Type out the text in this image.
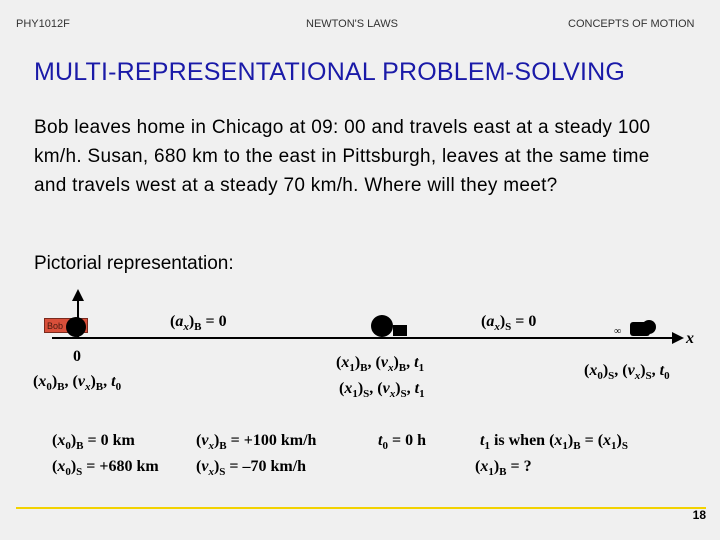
PHY1012F	NEWTON'S LAWS	CONCEPTS OF MOTION
MULTI-REPRESENTATIONAL PROBLEM-SOLVING
Bob leaves home in Chicago at 09: 00 and travels east at a steady 100 km/h. Susan, 680 km to the east in Pittsburgh, leaves at the same time and travels west at a steady 70 km/h. Where will they meet?
Pictorial representation:
Bob	∞	x
$(a_x)_B = 0$	$(a_x)_S = 0$
0
$(x_0)_B$, $(v_x)_B$, $t_0$
$(x_1)_B$, $(v_x)_B$, $t_1$
$(x_1)_S$, $(v_x)_S$, $t_1$
$(x_0)_S$, $(v_x)_S$, $t_0$
$(x_0)_B = 0$ km
$(x_0)_S = +680$ km
$(v_x)_B = +100$ km/h
$(v_x)_S = -70$ km/h
$t_0 = 0$ h	$t_1$ is when $(x_1)_B = (x_1)_S$
$(x_1)_B$ = ?
18
